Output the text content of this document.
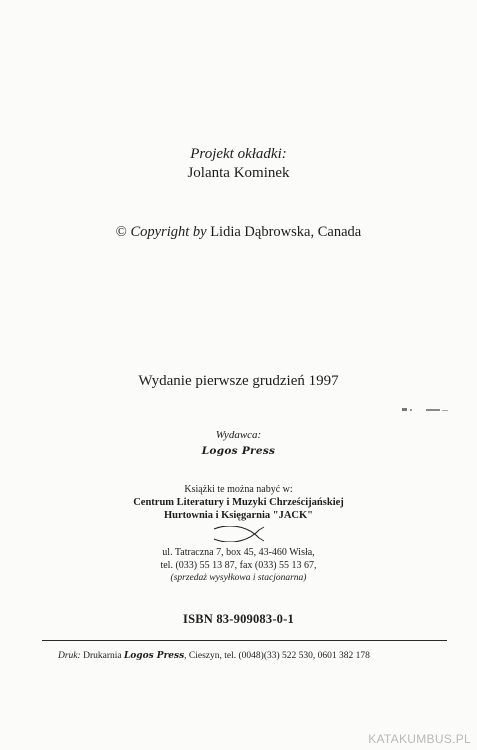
Projekt okładki:
Jolanta Kominek
© Copyright by Lidia Dąbrowska, Canada
Wydanie pierwsze grudzień 1997
Wydawca:
Logos Press
Książki te można nabyć w:
Centrum Literatury i Muzyki Chrześcijańskiej
Hurtownia i Księgarnia "JACK"
ul. Tatraczna 7, box 45, 43-460 Wisła,
tel. (033) 55 13 87, fax (033) 55 13 67,
(sprzedaż wysyłkowa i stacjonarna)
ISBN 83-909083-0-1
Druk: Drukarnia Logos Press, Cieszyn, tel. (0048)(33) 522 530, 0601 382 178
KATAKUMBUS.PL
